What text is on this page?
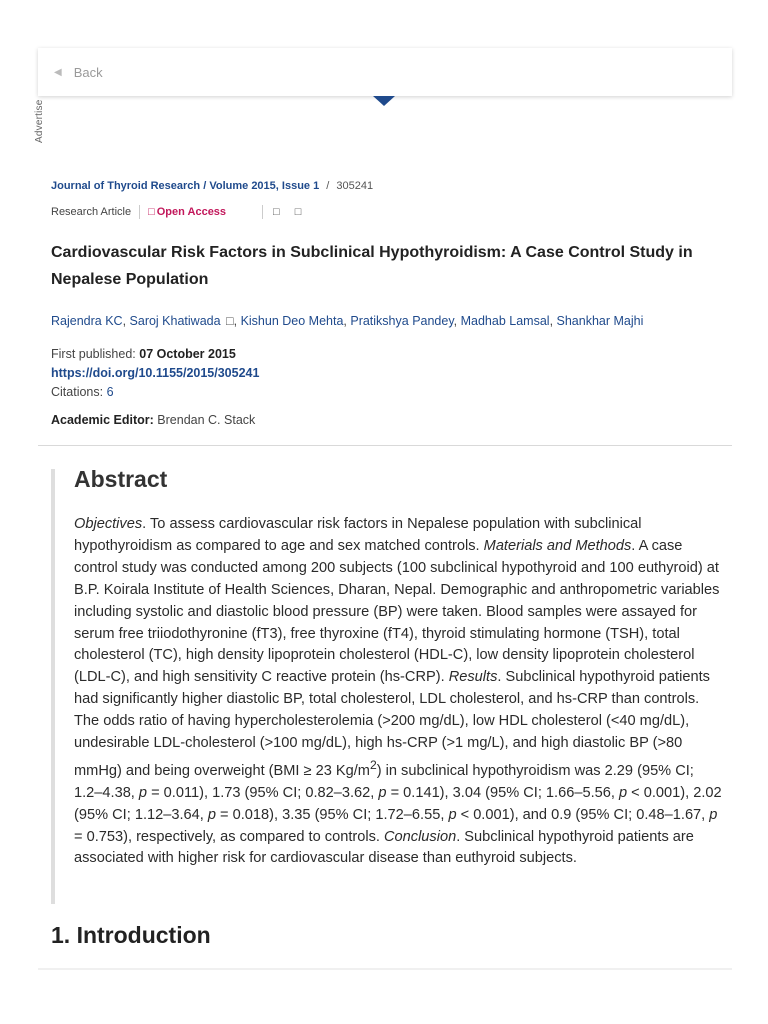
◀ Back
Advertise
Journal of Thyroid Research / Volume 2015, Issue 1 / 305241
Research Article □ Open Access	□ □
Cardiovascular Risk Factors in Subclinical Hypothyroidism: A Case Control Study in Nepalese Population
Rajendra KC, Saroj Khatiwada □, Kishun Deo Mehta, Pratikshya Pandey, Madhab Lamsal, Shankhar Majhi
First published: 07 October 2015
https://doi.org/10.1155/2015/305241
Citations: 6
Academic Editor: Brendan C. Stack
Abstract

Objectives. To assess cardiovascular risk factors in Nepalese population with subclinical hypothyroidism as compared to age and sex matched controls. Materials and Methods. A case control study was conducted among 200 subjects (100 subclinical hypothyroid and 100 euthyroid) at B.P. Koirala Institute of Health Sciences, Dharan, Nepal. Demographic and anthropometric variables including systolic and diastolic blood pressure (BP) were taken. Blood samples were assayed for serum free triiodothyronine (fT3), free thyroxine (fT4), thyroid stimulating hormone (TSH), total cholesterol (TC), high density lipoprotein cholesterol (HDL-C), low density lipoprotein cholesterol (LDL-C), and high sensitivity C reactive protein (hs-CRP). Results. Subclinical hypothyroid patients had significantly higher diastolic BP, total cholesterol, LDL cholesterol, and hs-CRP than controls. The odds ratio of having hypercholesterolemia (>200 mg/dL), low HDL cholesterol (<40 mg/dL), undesirable LDL-cholesterol (>100 mg/dL), high hs-CRP (>1 mg/L), and high diastolic BP (>80 mmHg) and being overweight (BMI ≥ 23 $Kg/m^2$) in subclinical hypothyroidism was 2.29 (95% CI; 1.2–4.38, p = 0.011), 1.73 (95% CI; 0.82–3.62, p = 0.141), 3.04 (95% CI; 1.66–5.56, p < 0.001), 2.02 (95% CI; 1.12–3.64, p = 0.018), 3.35 (95% CI; 1.72–6.55, p < 0.001), and 0.9 (95% CI; 0.48–1.67, p = 0.753), respectively, as compared to controls. Conclusion. Subclinical hypothyroid patients are associated with higher risk for cardiovascular disease than euthyroid subjects.

1. Introduction
